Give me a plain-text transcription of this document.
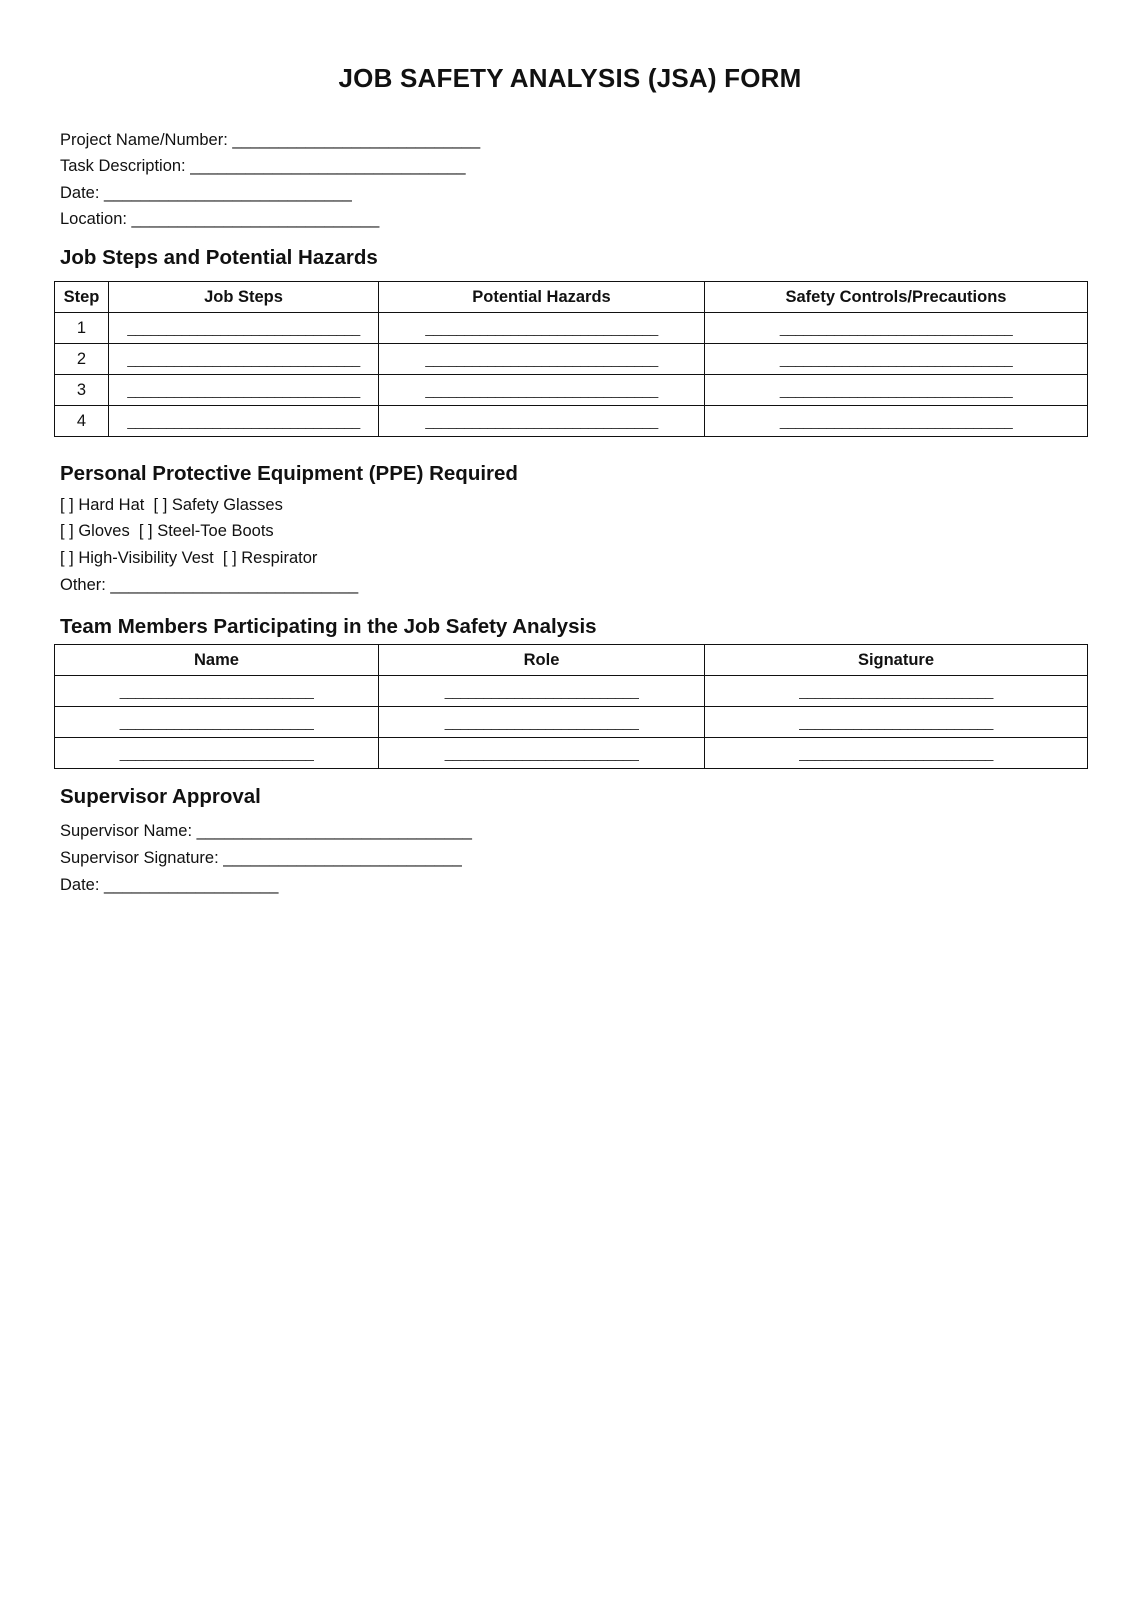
JOB SAFETY ANALYSIS (JSA) FORM
Project Name/Number: ___________________________
Task Description: ______________________________
Date: ___________________________
Location: ___________________________
Job Steps and Potential Hazards
Step	Job Steps	Potential Hazards	Safety Controls/Precautions
1	______________________________	______________________________	______________________________
2	______________________________	______________________________	______________________________
3	______________________________	______________________________	______________________________
4	______________________________	______________________________	______________________________
Personal Protective Equipment (PPE) Required
[ ] Hard Hat  [ ] Safety Glasses
[ ] Gloves  [ ] Steel-Toe Boots
[ ] High-Visibility Vest  [ ] Respirator
Other: ___________________________
Team Members Participating in the Job Safety Analysis
Name	Role	Signature
_________________________	_________________________	_________________________
_________________________	_________________________	_________________________
_________________________	_________________________	_________________________
Supervisor Approval
Supervisor Name: ______________________________
Supervisor Signature: __________________________
Date: ___________________
